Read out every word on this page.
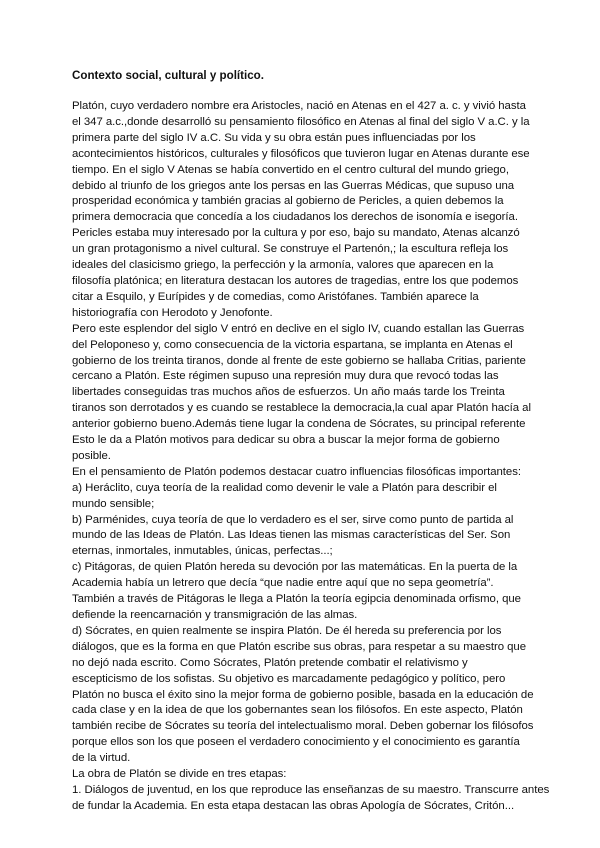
Contexto social, cultural y político.
Platón, cuyo verdadero nombre era Aristocles, nació en Atenas en el 427 a. c. y vivió hasta
el 347 a.c.,donde desarrolló su pensamiento filosófico en Atenas al final del siglo V a.C. y la
primera parte del siglo IV a.C. Su vida y su obra están pues influenciadas por los
acontecimientos históricos, culturales y filosóficos que tuvieron lugar en Atenas durante ese
tiempo. En el siglo V Atenas se había convertido en el centro cultural del mundo griego,
debido al triunfo de los griegos ante los persas en las Guerras Médicas, que supuso una
prosperidad económica y también gracias al gobierno de Pericles, a quien debemos la
primera democracia que concedía a los ciudadanos los derechos de isonomía e isegoría.
Pericles estaba muy interesado por la cultura y por eso, bajo su mandato, Atenas alcanzó
un gran protagonismo a nivel cultural. Se construye el Partenón,; la escultura refleja los
ideales del clasicismo griego, la perfección y la armonía, valores que aparecen en la
filosofía platónica; en literatura destacan los autores de tragedias, entre los que podemos
citar a Esquilo, y Eurípides y de comedias, como Aristófanes. También aparece la
historiografía con Herodoto y Jenofonte.
Pero este esplendor del siglo V entró en declive en el siglo IV, cuando estallan las Guerras
del Peloponeso y, como consecuencia de la victoria espartana, se implanta en Atenas el
gobierno de los treinta tiranos, donde al frente de este gobierno se hallaba Critias, pariente
cercano a Platón. Este régimen supuso una represión muy dura que revocó todas las
libertades conseguidas tras muchos años de esfuerzos. Un año maás tarde los Treinta
tiranos son derrotados y es cuando se restablece la democracia,la cual apar Platón hacía al
anterior gobierno bueno.Además tiene lugar la condena de Sócrates, su principal referente
Esto le da a Platón motivos para dedicar su obra a buscar la mejor forma de gobierno
posible.
En el pensamiento de Platón podemos destacar cuatro influencias filosóficas importantes:
a) Heráclito, cuya teoría de la realidad como devenir le vale a Platón para describir el
mundo sensible;
b) Parménides, cuya teoría de que lo verdadero es el ser, sirve como punto de partida al
mundo de las Ideas de Platón. Las Ideas tienen las mismas características del Ser. Son
eternas, inmortales, inmutables, únicas, perfectas...;
c) Pitágoras, de quien Platón hereda su devoción por las matemáticas. En la puerta de la
Academia había un letrero que decía “que nadie entre aquí que no sepa geometría”.
También a través de Pitágoras le llega a Platón la teoría egipcia denominada orfismo, que
defiende la reencarnación y transmigración de las almas.
d) Sócrates, en quien realmente se inspira Platón. De él hereda su preferencia por los
diálogos, que es la forma en que Platón escribe sus obras, para respetar a su maestro que
no dejó nada escrito. Como Sócrates, Platón pretende combatir el relativismo y
escepticismo de los sofistas. Su objetivo es marcadamente pedagógico y político, pero
Platón no busca el éxito sino la mejor forma de gobierno posible, basada en la educación de
cada clase y en la idea de que los gobernantes sean los filósofos. En este aspecto, Platón
también recibe de Sócrates su teoría del intelectualismo moral. Deben gobernar los filósofos
porque ellos son los que poseen el verdadero conocimiento y el conocimiento es garantía
de la virtud.
La obra de Platón se divide en tres etapas:
1. Diálogos de juventud, en los que reproduce las enseñanzas de su maestro. Transcurre antes
de fundar la Academia. En esta etapa destacan las obras Apología de Sócrates, Critón...
